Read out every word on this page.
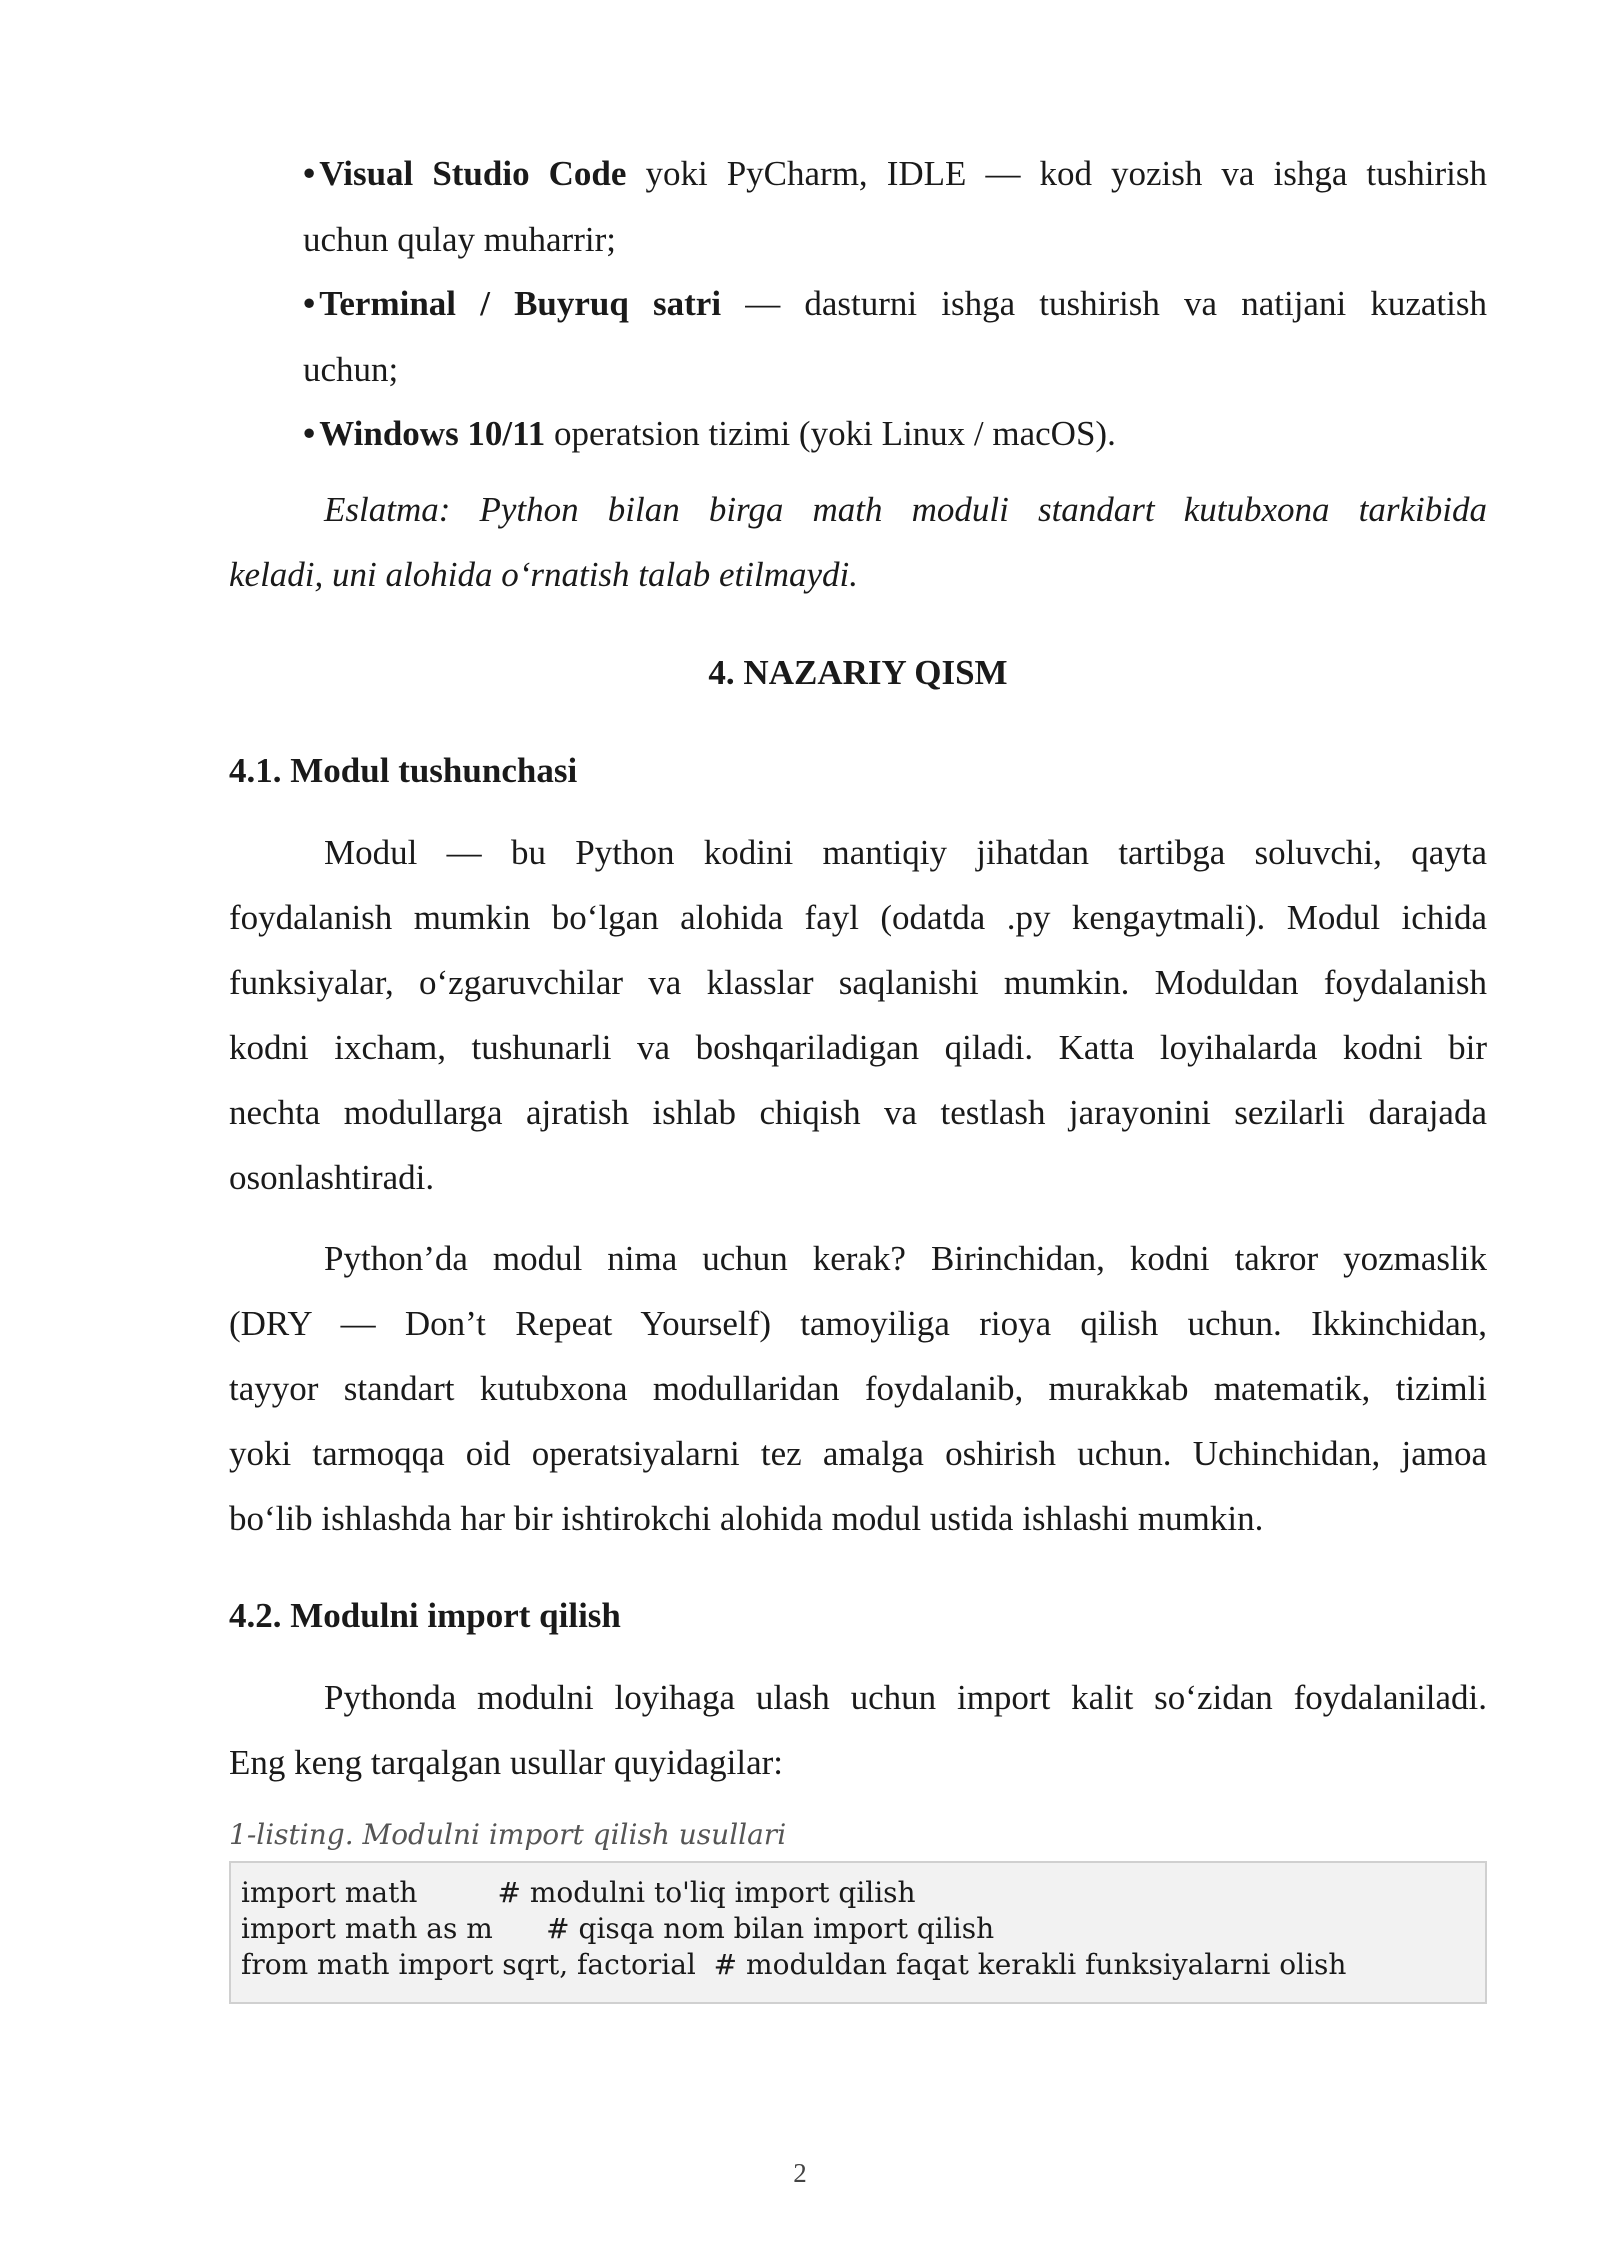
• Visual Studio Code yoki PyCharm, IDLE — kod yozish va ishga tushirish
uchun qulay muharrir;
• Terminal / Buyruq satri — dasturni ishga tushirish va natijani kuzatish
uchun;
• Windows 10/11 operatsion tizimi (yoki Linux / macOS).
Eslatma: Python bilan birga math moduli standart kutubxona tarkibida
keladi, uni alohida o‘rnatish talab etilmaydi.
4. NAZARIY QISM
4.1. Modul tushunchasi
Modul — bu Python kodini mantiqiy jihatdan tartibga soluvchi, qayta
foydalanish mumkin bo‘lgan alohida fayl (odatda .py kengaytmali). Modul ichida
funksiyalar, o‘zgaruvchilar va klasslar saqlanishi mumkin. Moduldan foydalanish
kodni ixcham, tushunarli va boshqariladigan qiladi. Katta loyihalarda kodni bir
nechta modullarga ajratish ishlab chiqish va testlash jarayonini sezilarli darajada
osonlashtiradi.
Python’da modul nima uchun kerak? Birinchidan, kodni takror yozmaslik
(DRY — Don’t Repeat Yourself) tamoyiliga rioya qilish uchun. Ikkinchidan,
tayyor standart kutubxona modullaridan foydalanib, murakkab matematik, tizimli
yoki tarmoqqa oid operatsiyalarni tez amalga oshirish uchun. Uchinchidan, jamoa
bo‘lib ishlashda har bir ishtirokchi alohida modul ustida ishlashi mumkin.
4.2. Modulni import qilish
Pythonda modulni loyihaga ulash uchun import kalit so‘zidan foydalaniladi.
Eng keng tarqalgan usullar quyidagilar:
1-listing. Modulni import qilish usullari
import math         # modulni to'liq import qilish
import math as m      # qisqa nom bilan import qilish
from math import sqrt, factorial  # moduldan faqat kerakli funksiyalarni olish
2
